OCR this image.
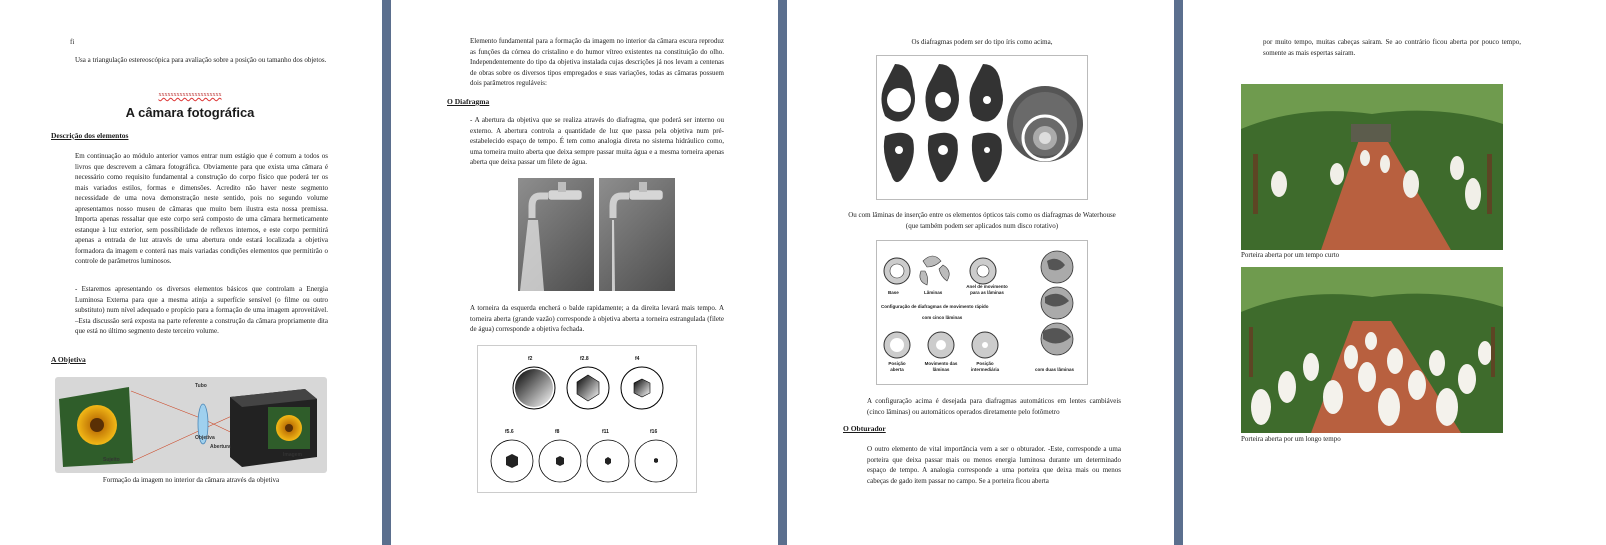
fi
Usa a triangulação estereoscópica para avaliação sobre a posição ou tamanho dos objetos.
xxxxxxxxxxxxxxxxxxxxx
A câmara fotográfica
Descrição dos elementos
Em continuação ao módulo anterior vamos entrar num estágio que é comum a todos os livros que descrevem a câmara fotográfica. Obviamente para que exista uma câmara é necessário como requisito fundamental a construção do corpo físico que poderá ter os mais variados estilos, formas e dimensões. Acredito não haver neste segmento necessidade de uma nova demonstração neste sentido, pois no segundo volume apresentamos nosso museu de câmaras que muito bem ilustra esta nossa premissa. Importa apenas ressaltar que este corpo será composto de uma câmara hermeticamente estanque à luz exterior, sem possibilidade de reflexos internos, e este corpo permitirá apenas a entrada de luz através de uma abertura onde estará localizada a objetiva formadora da imagem e conterá nas mais variadas condições elementos que permitirão o controle de parâmetros luminosos.
- Estaremos apresentando os diversos elementos básicos que controlam a Energia Luminosa Externa para que a mesma atinja a superfície sensível (o filme ou outro substituto) num nível adequado e propício para a formação de uma imagem aproveitável. –Esta discussão será exposta na parte referente a construção da câmara propriamente dita que está no último segmento deste terceiro volume.
A Objetiva
Tubo
Objetiva
Abertura
Sujeito
Imagem
Formação da imagem no interior da câmara através da objetiva
Elemento fundamental para a formação da imagem no interior da câmara escura reproduz as funções da córnea do cristalino e do humor vítreo existentes na constituição do olho. Independentemente do tipo da objetiva instalada cujas descrições já nos levam a centenas de obras sobre os diversos tipos empregados e suas variações, todas as câmaras possuem dois parâmetros reguláveis:
O Diafragma
- A abertura da objetiva que se realiza através do diafragma, que poderá ser interno ou externo. A abertura controla a quantidade de luz que passa pela objetiva num pré-estabelecido espaço de tempo. É tem como analogia direta no sistema hidráulico como, uma torneira muito aberta que deixa sempre passar muita água e a mesma torneira apenas aberta que deixa passar um filete de água.
A torneira da esquerda encherá o balde rapidamente; a da direita levará mais tempo. A torneira aberta (grande vazão) corresponde à objetiva aberta a torneira estrangulada (filete de água) corresponde a objetiva fechada.
f2	f2.8	f4
f5.6	f8	f11	f16
Os diafragmas podem ser do tipo íris como acima,
Ou com lâminas de inserção entre os elementos ópticos tais como os diafragmas de Waterhouse (que também podem ser aplicados num disco rotativo)
Base	Lâminas
Anel de movimento para as lâminas
Configuração de diafragmas de movimento rápido
com cinco lâminas
Posição aberta
Movimento das lâminas
Posição intermediária	com duas lâminas
A configuração acima é desejada para diafragmas automáticos em lentes cambiáveis (cinco lâminas) ou automáticos operados diretamente pelo fotômetro
O Obturador
O outro elemento de vital importância vem a ser o obturador. -Este, corresponde a uma porteira que deixa passar mais ou menos energia luminosa durante um determinado espaço de tempo. A analogia corresponde a uma porteira que deixa mais ou menos cabeças de gado item passar no campo. Se a porteira ficou aberta
por muito tempo, muitas cabeças sairam. Se ao contrário ficou aberta por pouco tempo, somente as mais espertas sairam.
Porteira aberta por um tempo curto
Porteira aberta por um longo tempo
